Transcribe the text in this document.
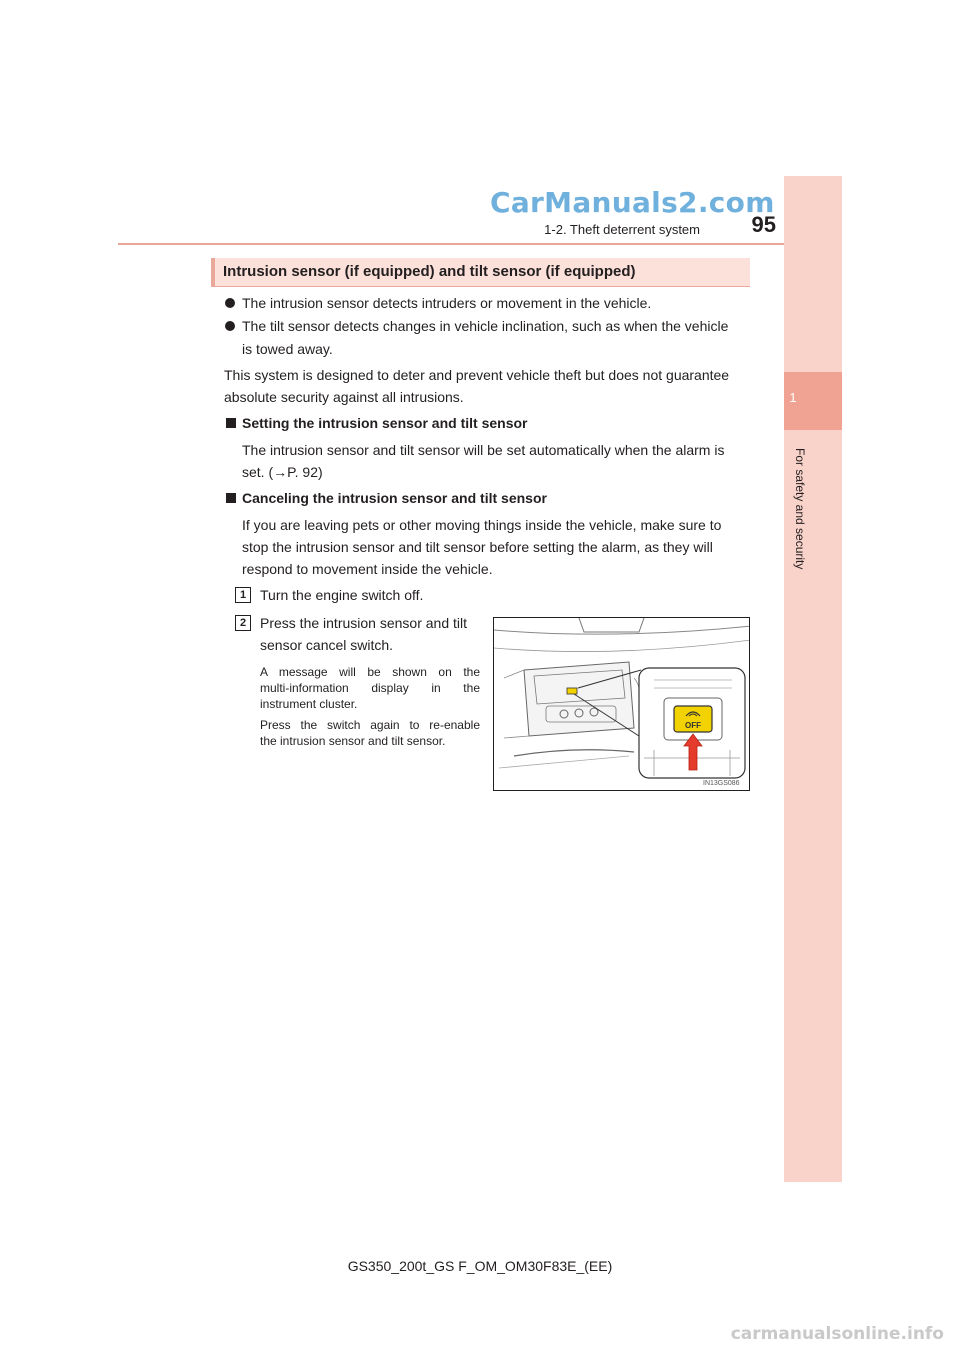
CarManuals2.com
carmanualsonline.info
95
1-2. Theft deterrent system
1
For safety and security
Intrusion sensor (if equipped) and tilt sensor (if equipped)
The intrusion sensor detects intruders or movement in the vehicle.
The tilt sensor detects changes in vehicle inclination, such as when the vehicle
is towed away.
This system is designed to deter and prevent vehicle theft but does not guarantee
absolute security against all intrusions.
Setting the intrusion sensor and tilt sensor
The intrusion sensor and tilt sensor will be set automatically when the alarm is
set. (→P. 92)
Canceling the intrusion sensor and tilt sensor
If you are leaving pets or other moving things inside the vehicle, make sure to
stop the intrusion sensor and tilt sensor before setting the alarm, as they will
respond to movement inside the vehicle.
1 Turn the engine switch off.
2 Press the intrusion sensor and tilt
sensor cancel switch.
A message will be shown on the
multi-information display in the
instrument cluster.
Press the switch again to re-enable
the intrusion sensor and tilt sensor.
OFF
IN13GS086
GS350_200t_GS F_OM_OM30F83E_(EE)
